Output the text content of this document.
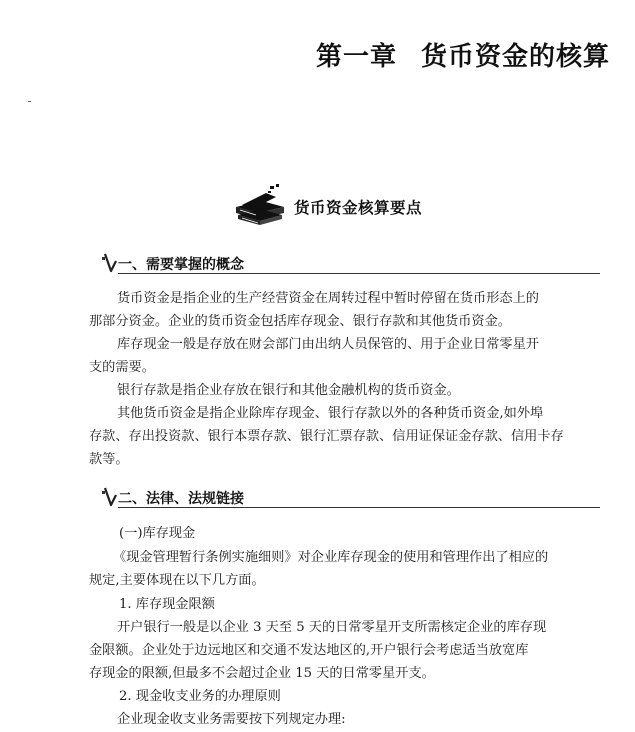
第一章 货币资金的核算
货币资金核算要点
一、需要掌握的概念
货币资金是指企业的生产经营资金在周转过程中暂时停留在货币形态上的
那部分资金。企业的货币资金包括库存现金、银行存款和其他货币资金。
库存现金一般是存放在财会部门由出纳人员保管的、用于企业日常零星开
支的需要。
银行存款是指企业存放在银行和其他金融机构的货币资金。
其他货币资金是指企业除库存现金、银行存款以外的各种货币资金,如外埠
存款、存出投资款、银行本票存款、银行汇票存款、信用证保证金存款、信用卡存
款等。
二、法律、法规链接
(一)库存现金
《现金管理暂行条例实施细则》对企业库存现金的使用和管理作出了相应的
规定,主要体现在以下几方面。
1. 库存现金限额
开户银行一般是以企业 3 天至 5 天的日常零星开支所需核定企业的库存现
金限额。企业处于边远地区和交通不发达地区的,开户银行会考虑适当放宽库
存现金的限额,但最多不会超过企业 15 天的日常零星开支。
2. 现金收支业务的办理原则
企业现金收支业务需要按下列规定办理:
